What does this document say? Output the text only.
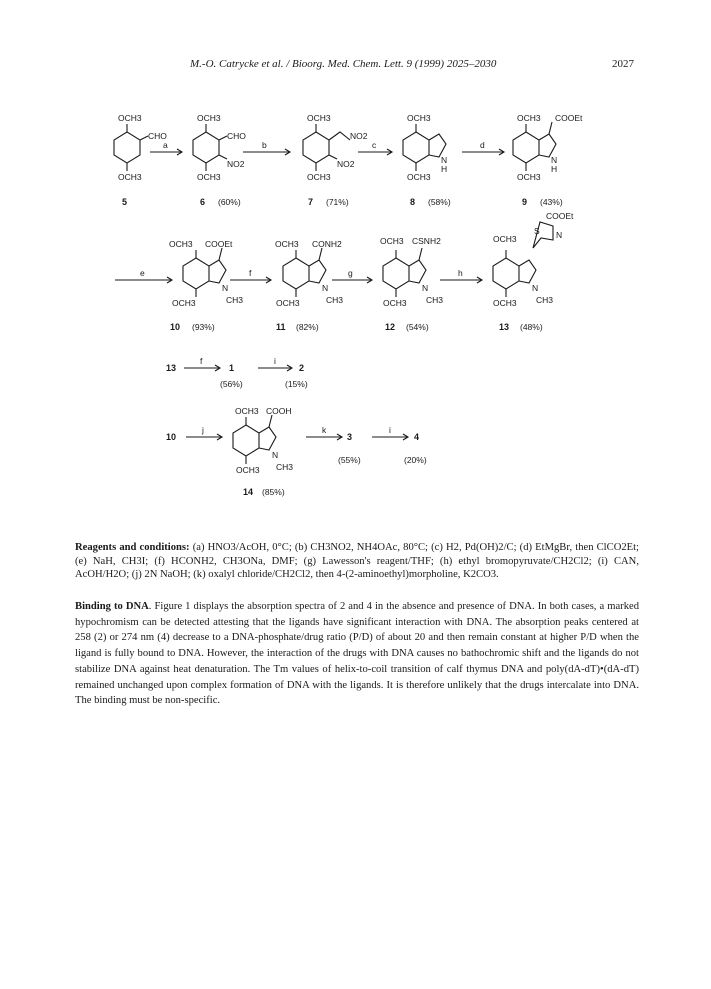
M.-O. Catrycke et al. / Bioorg. Med. Chem. Lett. 9 (1999) 2025–2030	2027
OCH3
CHO
OCH3
OCH3
CHO
NO2
OCH3
OCH3
NO2
NO2
OCH3
OCH3
N
H
OCH3
OCH3 COOEt
N
H
OCH3
a	b	c	d
5	6 (60%)	7 (71%)	8 (58%)	9 (43%)
OCH3 COOEt
N
CH3
OCH3
OCH3 CONH2
N
CH3
OCH3
OCH3 CSNH2
N
CH3
OCH3
OCH3
S N
COOEt
N
CH3
OCH3
e	f	g	h
10 (93%)	11 (82%)	12 (54%)	13 (48%)
13
f
1
i
2
(56%)	(15%)
10
j
OCH3 COOH
N
CH3
OCH3
k
3
i
4
(55%)	(20%)
14 (85%)
Reagents and conditions: (a) HNO3/AcOH, 0°C; (b) CH3NO2, NH4OAc, 80°C; (c) H2, Pd(OH)2/C; (d) EtMgBr, then ClCO2Et; (e) NaH, CH3I; (f) HCONH2, CH3ONa, DMF; (g) Lawesson's reagent/THF; (h) ethyl bromopyruvate/CH2Cl2; (i) CAN, AcOH/H2O; (j) 2N NaOH; (k) oxalyl chloride/CH2Cl2, then 4-(2-aminoethyl)morpholine, K2CO3.
Binding to DNA. Figure 1 displays the absorption spectra of 2 and 4 in the absence and presence of DNA. In both cases, a marked hypochromism can be detected attesting that the ligands have significant interaction with DNA. The absorption peaks centered at 258 (2) or 274 nm (4) decrease to a DNA-phosphate/drug ratio (P/D) of about 20 and then remain constant at higher P/D when the ligand is fully bound to DNA. However, the interaction of the drugs with DNA causes no bathochromic shift and the ligands do not stabilize DNA against heat denaturation. The Tm values of helix-to-coil transition of calf thymus DNA and poly(dA-dT)•(dA-dT) remained unchanged upon complex formation of DNA with the ligands. It is therefore unlikely that the drugs intercalate into DNA. The binding must be non-specific.
